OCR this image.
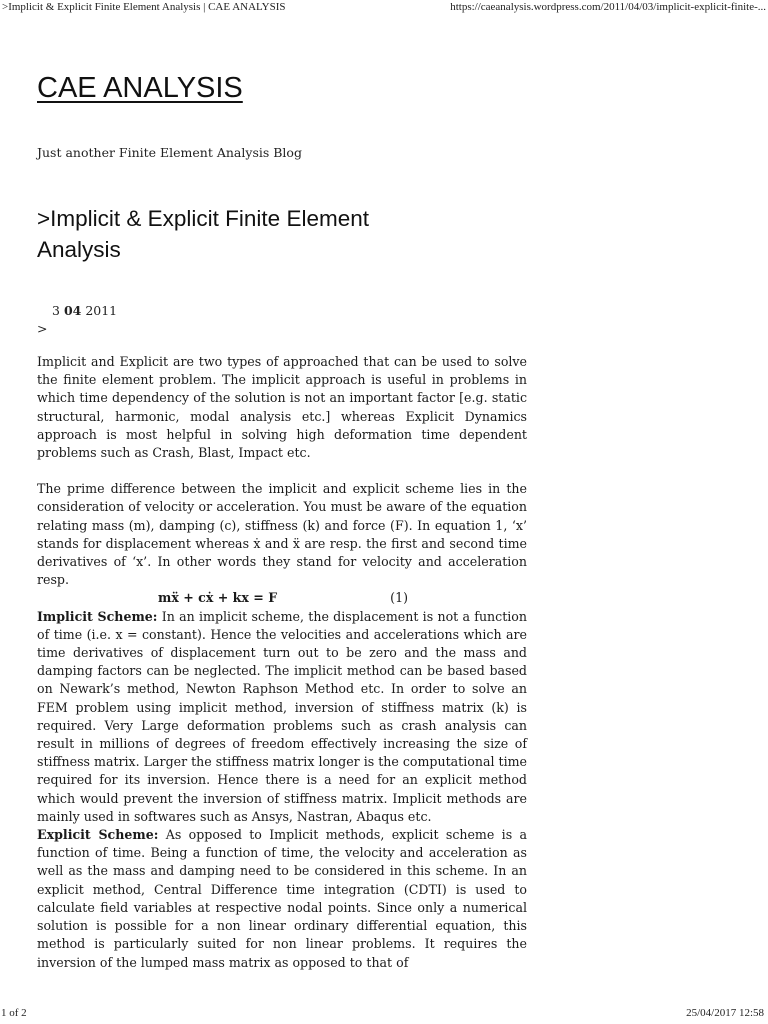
>Implicit & Explicit Finite Element Analysis | CAE ANALYSIS	https://caeanalysis.wordpress.com/2011/04/03/implicit-explicit-finite-...
CAE ANALYSIS
Just another Finite Element Analysis Blog
>Implicit & Explicit Finite Element Analysis
3 04 2011
>

Implicit and Explicit are two types of approached that can be used to solve the finite element problem. The implicit approach is useful in problems in which time dependency of the solution is not an important factor [e.g. static structural, harmonic, modal analysis etc.] whereas Explicit Dynamics approach is most helpful in solving high deformation time dependent problems such as Crash, Blast, Impact etc.

The prime difference between the implicit and explicit scheme lies in the consideration of velocity or acceleration. You must be aware of the equation relating mass (m), damping (c), stiffness (k) and force (F). In equation 1, ‘x’ stands for displacement whereas ẋ and ẍ are resp. the first and second time derivatives of ‘x’. In other words they stand for velocity and acceleration resp.

mẍ + cẋ + kx = F	(1)

Implicit Scheme: In an implicit scheme, the displacement is not a function of time (i.e. x = constant). Hence the velocities and accelerations which are time derivatives of displacement turn out to be zero and the mass and damping factors can be neglected. The implicit method can be based based on Newark’s method, Newton Raphson Method etc. In order to solve an FEM problem using implicit method, inversion of stiffness matrix (k) is required. Very Large deformation problems such as crash analysis can result in millions of degrees of freedom effectively increasing the size of stiffness matrix. Larger the stiffness matrix longer is the computational time required for its inversion. Hence there is a need for an explicit method which would prevent the inversion of stiffness matrix. Implicit methods are mainly used in softwares such as Ansys, Nastran, Abaqus etc.

Explicit Scheme: As opposed to Implicit methods, explicit scheme is a function of time. Being a function of time, the velocity and acceleration as well as the mass and damping need to be considered in this scheme. In an explicit method, Central Difference time integration (CDTI) is used to calculate field variables at respective nodal points. Since only a numerical solution is possible for a non linear ordinary differential equation, this method is particularly suited for non linear problems. It requires the inversion of the lumped mass matrix as opposed to that of

1 of 2	25/04/2017 12:58
